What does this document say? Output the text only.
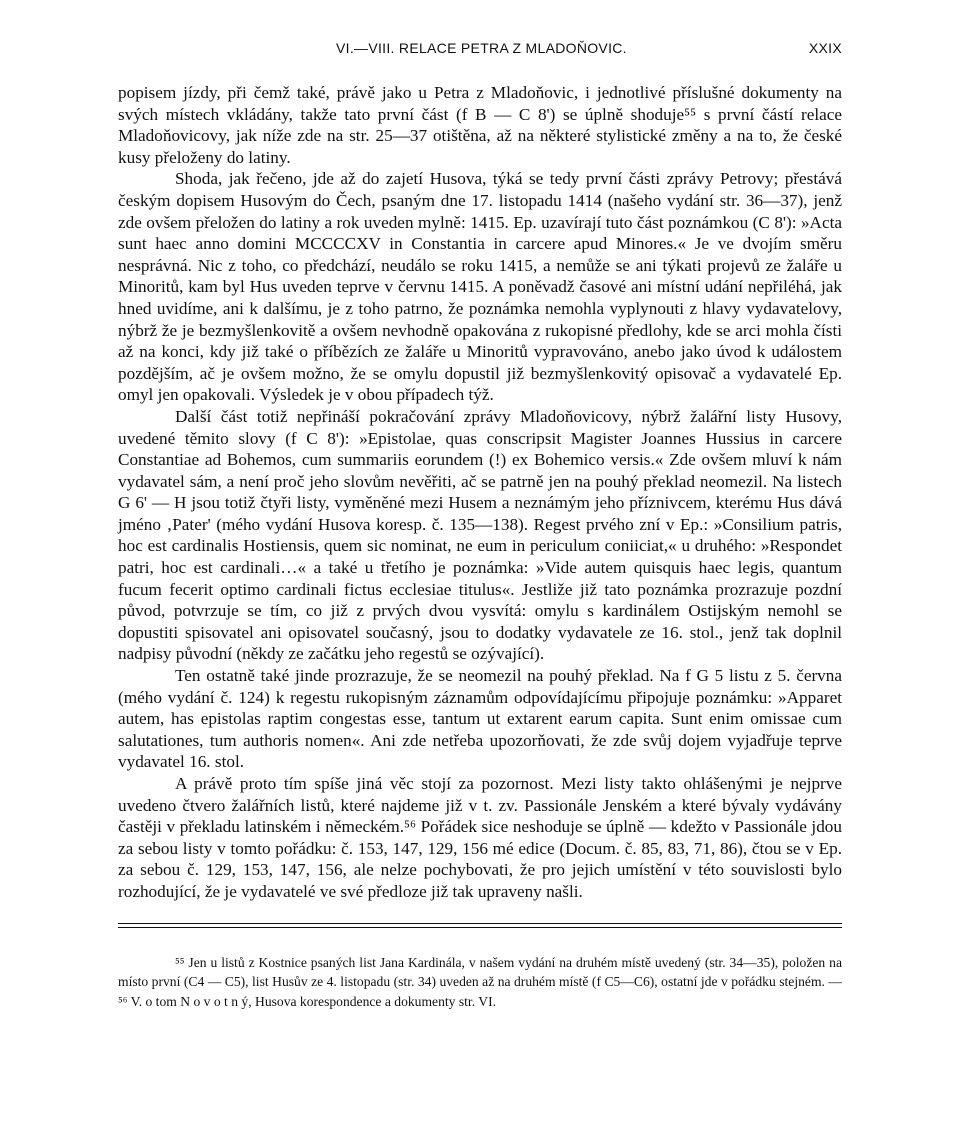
VI.—VIII. RELACE PETRA Z MLADOŇOVIC.	XXIX

popisem jízdy, při čemž také, právě jako u Petra z Mladoňovic, i jednotlivé příslušné dokumenty na svých místech vkládány, takže tato první část (f B — C 8') se úplně shoduje⁵⁵ s první částí relace Mladoňovicovy, jak níže zde na str. 25—37 otištěna, až na některé stylistické změny a na to, že české kusy přeloženy do latiny.

Shoda, jak řečeno, jde až do zajetí Husova, týká se tedy první části zprávy Petrovy; přestává českým dopisem Husovým do Čech, psaným dne 17. listopadu 1414 (našeho vydání str. 36—37), jenž zde ovšem přeložen do latiny a rok uveden mylně: 1415. Ep. uzavírají tuto část poznámkou (C 8'): »Acta sunt haec anno domini MCCCCXV in Constantia in carcere apud Minores.« Je ve dvojím směru nesprávná. Nic z toho, co předchází, neudálo se roku 1415, a nemůže se ani týkati projevů ze žaláře u Minoritů, kam byl Hus uveden teprve v červnu 1415. A poněvadž časové ani místní udání nepřiléhá, jak hned uvidíme, ani k dalšímu, je z toho patrno, že poznámka nemohla vyplynouti z hlavy vydavatelovy, nýbrž že je bezmyšlenkovitě a ovšem nevhodně opakována z rukopisné předlohy, kde se arci mohla čísti až na konci, kdy již také o příbězích ze žaláře u Minoritů vypravováno, anebo jako úvod k událostem pozdějším, ač je ovšem možno, že se omylu dopustil již bezmyšlenkovitý opisovač a vydavatelé Ep. omyl jen opakovali. Výsledek je v obou případech týž.

Další část totiž nepřináší pokračování zprávy Mladoňovicovy, nýbrž žalářní listy Husovy, uvedené těmito slovy (f C 8'): »Epistolae, quas conscripsit Magister Joannes Hussius in carcere Constantiae ad Bohemos, cum summariis eorundem (!) ex Bohemico versis.« Zde ovšem mluví k nám vydavatel sám, a není proč jeho slovům nevěřiti, ač se patrně jen na pouhý překlad neomezil. Na listech G 6' — H jsou totiž čtyři listy, vyměněné mezi Husem a neznámým jeho příznivcem, kterému Hus dává jméno ‚Pater' (mého vydání Husova koresp. č. 135—138). Regest prvého zní v Ep.: »Consilium patris, hoc est cardinalis Hostiensis, quem sic nominat, ne eum in periculum coniiciat,« u druhého: »Respondet patri, hoc est cardinali…« a také u třetího je poznámka: »Vide autem quisquis haec legis, quantum fucum fecerit optimo cardinali fictus ecclesiae titulus«. Jestliže již tato poznámka prozrazuje pozdní původ, potvrzuje se tím, co již z prvých dvou vysvítá: omylu s kardinálem Ostijským nemohl se dopustiti spisovatel ani opisovatel současný, jsou to dodatky vydavatele ze 16. stol., jenž tak doplnil nadpisy původní (někdy ze začátku jeho regestů se ozývající).

Ten ostatně také jinde prozrazuje, že se neomezil na pouhý překlad. Na f G 5 listu z 5. června (mého vydání č. 124) k regestu rukopisným záznamům odpovídajícímu připojuje poznámku: »Apparet autem, has epistolas raptim congestas esse, tantum ut extarent earum capita. Sunt enim omissae cum salutationes, tum authoris nomen«. Ani zde netřeba upozorňovati, že zde svůj dojem vyjadřuje teprve vydavatel 16. stol.

A právě proto tím spíše jiná věc stojí za pozornost. Mezi listy takto ohlášenými je nejprve uvedeno čtvero žalářních listů, které najdeme již v t. zv. Passionále Jenském a které bývaly vydávány častěji v překladu latinském i německém.⁵⁶ Pořádek sice neshoduje se úplně — kdežto v Passionále jdou za sebou listy v tomto pořádku: č. 153, 147, 129, 156 mé edice (Docum. č. 85, 83, 71, 86), čtou se v Ep. za sebou č. 129, 153, 147, 156, ale nelze pochybovati, že pro jejich umístění v této souvislosti bylo rozhodující, že je vydavatelé ve své předloze již tak upraveny našli.

⁵⁵ Jen u listů z Kostnice psaných list Jana Kardinála, v našem vydání na druhém místě uvedený (str. 34—35), položen na místo první (C4 — C5), list Husův ze 4. listopadu (str. 34) uveden až na druhém místě (f C5—C6), ostatní jde v pořádku stejném. — ⁵⁶ V. o tom N o v o t n ý, Husova korespondence a dokumenty str. VI.
